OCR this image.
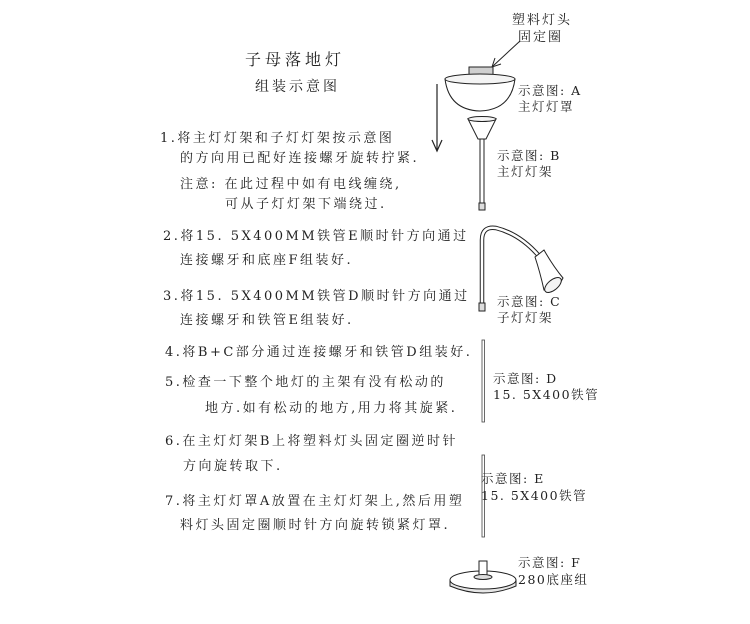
子母落地灯
组装示意图
塑料灯头
固定圈
1.将主灯灯架和子灯灯架按示意图
的方向用已配好连接螺牙旋转拧紧.
注意: 在此过程中如有电线缠绕,
可从子灯灯架下端绕过.
2.将15. 5X400MM铁管E顺时针方向通过
连接螺牙和底座F组装好.
3.将15. 5X400MM铁管D顺时针方向通过
连接螺牙和铁管E组装好.
4.将B+C部分通过连接螺牙和铁管D组装好.
5.检查一下整个地灯的主架有没有松动的
地方.如有松动的地方,用力将其旋紧.
6.在主灯灯架B上将塑料灯头固定圈逆时针
方向旋转取下.
7.将主灯灯罩A放置在主灯灯架上,然后用塑
料灯头固定圈顺时针方向旋转锁紧灯罩.
示意图: A
主灯灯罩
示意图: B
主灯灯架
示意图: C
子灯灯架
示意图: D
15. 5X400铁管
示意图: E
15. 5X400铁管
示意图: F
280底座组
